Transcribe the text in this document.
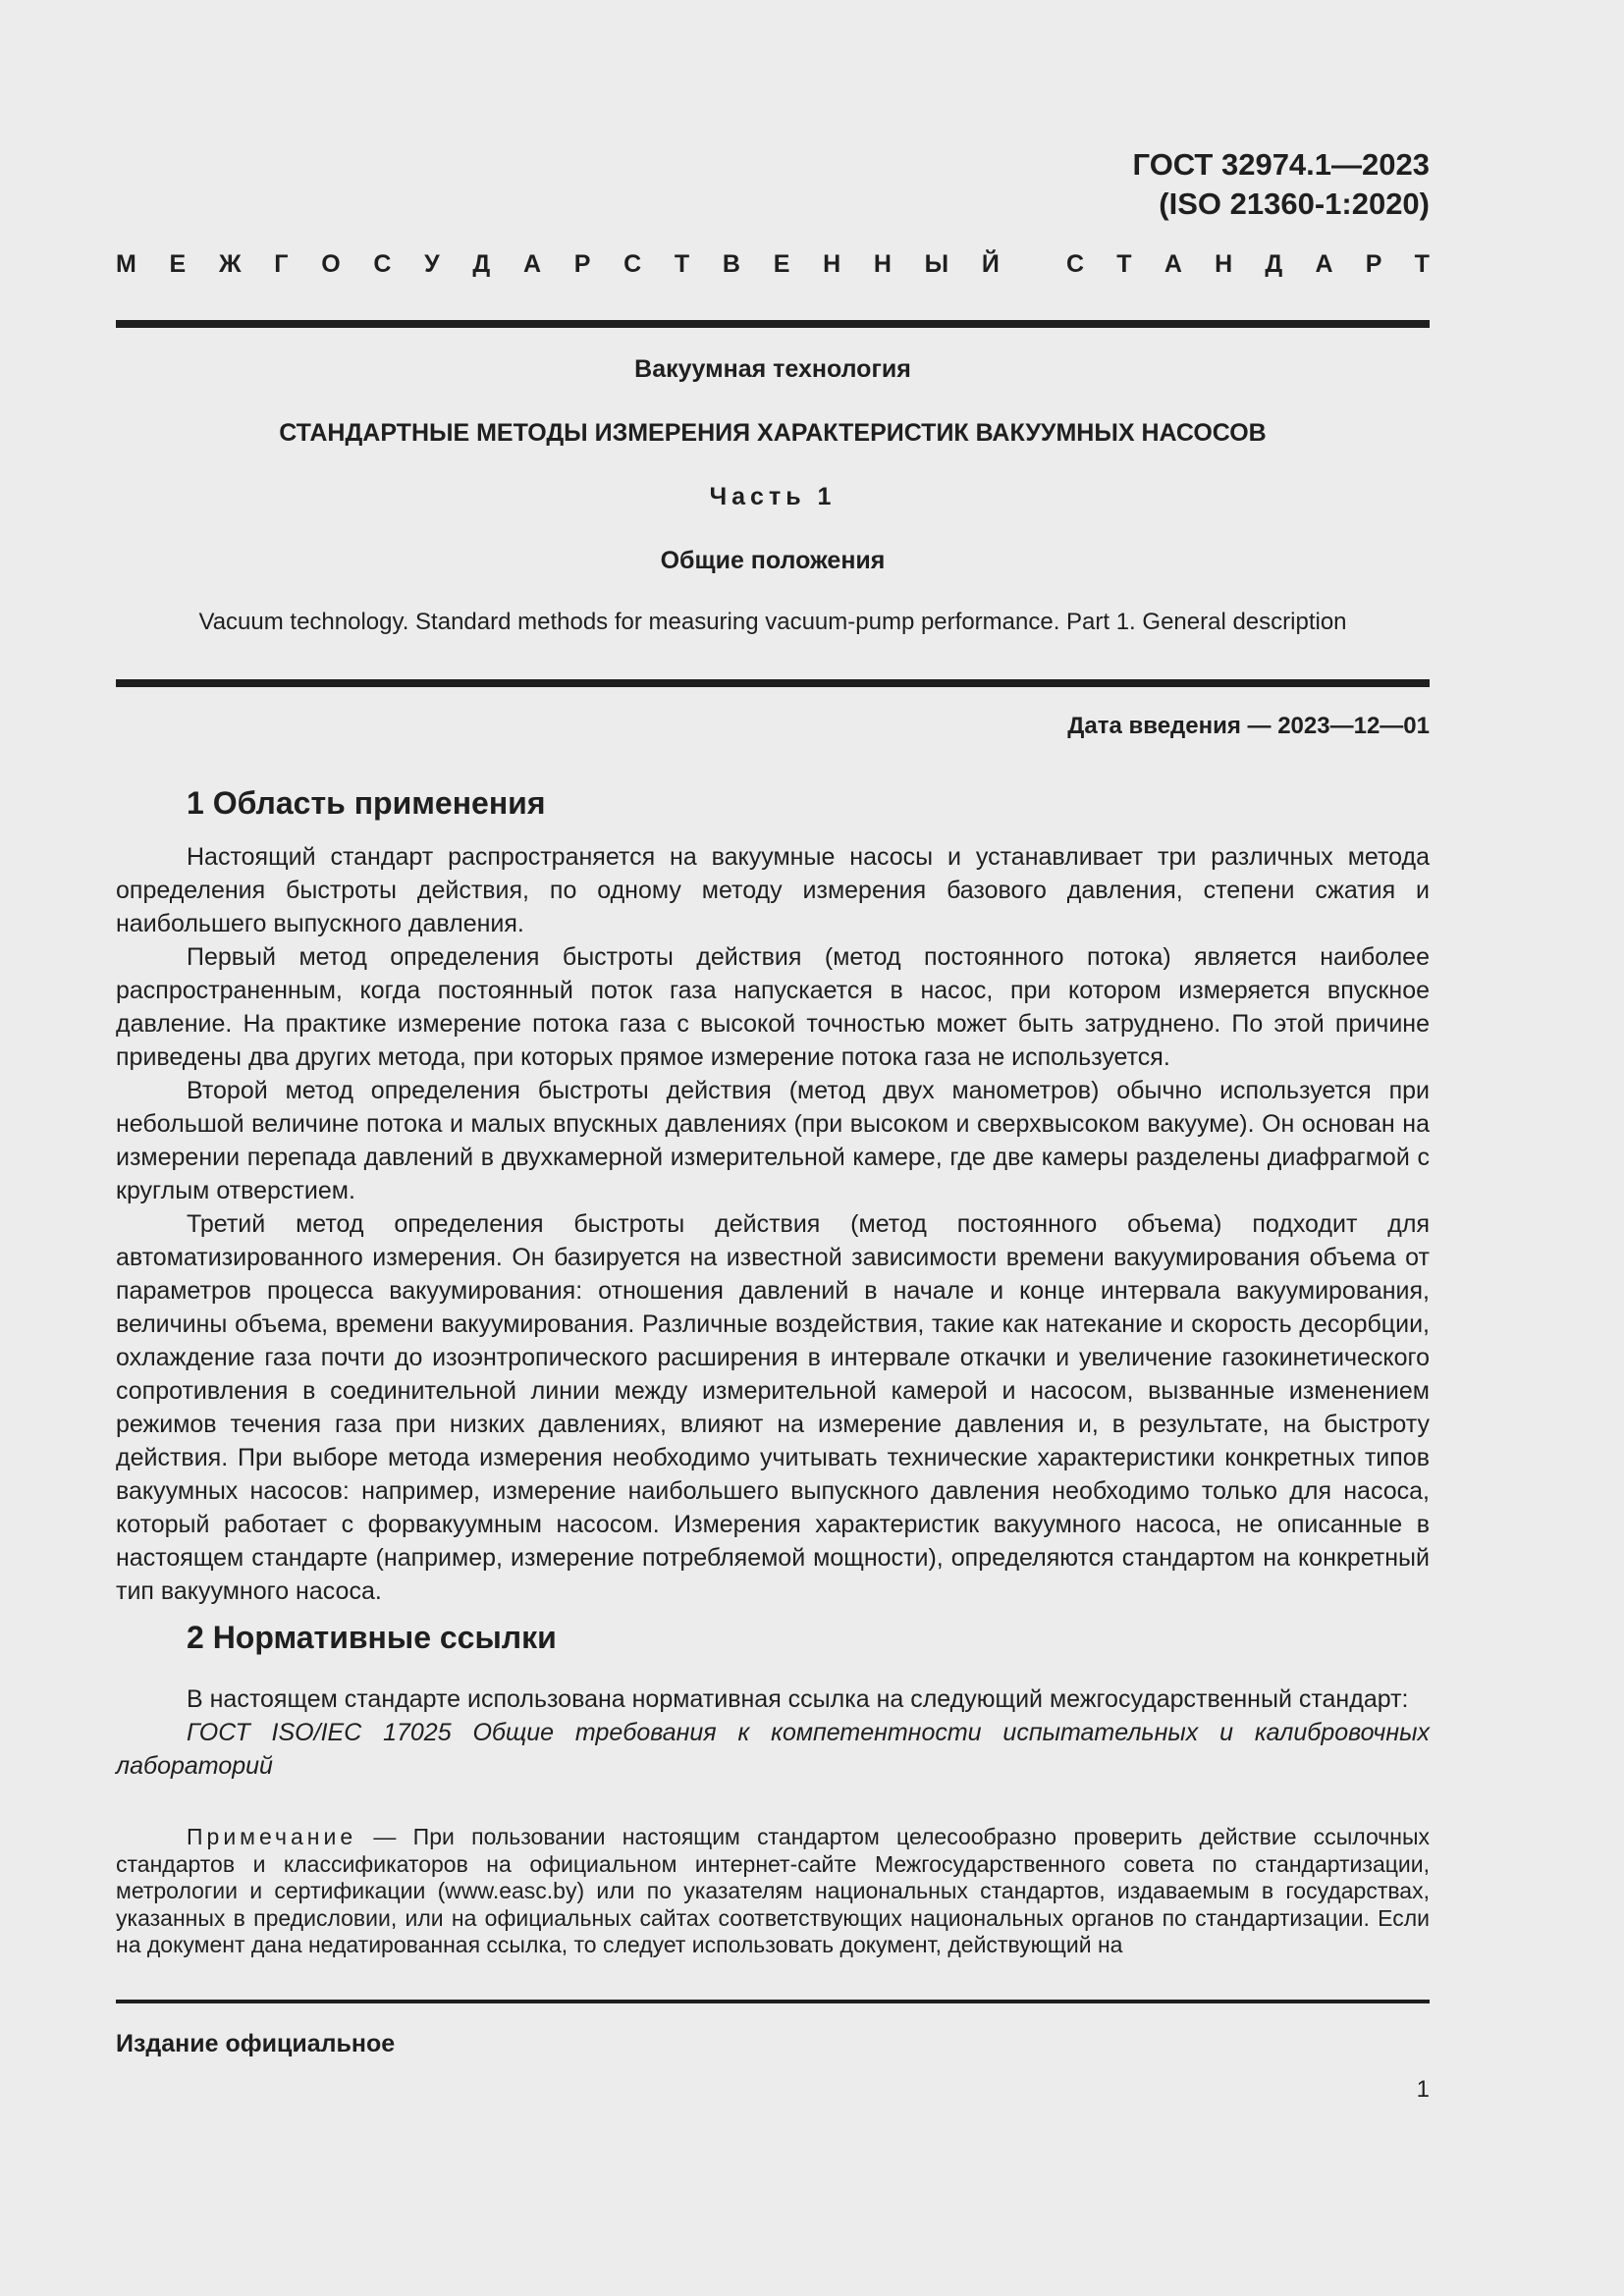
ГОСТ 32974.1—2023
(ISO 21360-1:2020)
М Е Ж Г О С У Д А Р С Т В Е Н Н Ы Й	С Т А Н Д А Р Т
Вакуумная технология
СТАНДАРТНЫЕ МЕТОДЫ ИЗМЕРЕНИЯ ХАРАКТЕРИСТИК ВАКУУМНЫХ НАСОСОВ
Часть 1
Общие положения
Vacuum technology. Standard methods for measuring vacuum-pump performance. Part 1. General description
Дата введения — 2023—12—01
1 Область применения

Настоящий стандарт распространяется на вакуумные насосы и устанавливает три различных метода определения быстроты действия, по одному методу измерения базового давления, степени сжатия и наибольшего выпускного давления.

Первый метод определения быстроты действия (метод постоянного потока) является наиболее распространенным, когда постоянный поток газа напускается в насос, при котором измеряется впускное давление. На практике измерение потока газа с высокой точностью может быть затруднено. По этой причине приведены два других метода, при которых прямое измерение потока газа не используется.

Второй метод определения быстроты действия (метод двух манометров) обычно используется при небольшой величине потока и малых впускных давлениях (при высоком и сверхвысоком вакууме). Он основан на измерении перепада давлений в двухкамерной измерительной камере, где две камеры разделены диафрагмой с круглым отверстием.

Третий метод определения быстроты действия (метод постоянного объема) подходит для автоматизированного измерения. Он базируется на известной зависимости времени вакуумирования объема от параметров процесса вакуумирования: отношения давлений в начале и конце интервала вакуумирования, величины объема, времени вакуумирования. Различные воздействия, такие как натекание и скорость десорбции, охлаждение газа почти до изоэнтропического расширения в интервале откачки и увеличение газокинетического сопротивления в соединительной линии между измерительной камерой и насосом, вызванные изменением режимов течения газа при низких давлениях, влияют на измерение давления и, в результате, на быстроту действия. При выборе метода измерения необходимо учитывать технические характеристики конкретных типов вакуумных насосов: например, измерение наибольшего выпускного давления необходимо только для насоса, который работает с форвакуумным насосом. Измерения характеристик вакуумного насоса, не описанные в настоящем стандарте (например, измерение потребляемой мощности), определяются стандартом на конкретный тип вакуумного насоса.

2 Нормативные ссылки

В настоящем стандарте использована нормативная ссылка на следующий межгосударственный стандарт:

ГОСТ ISO/IEC 17025 Общие требования к компетентности испытательных и калибровочных лабораторий

Примечание — При пользовании настоящим стандартом целесообразно проверить действие ссылочных стандартов и классификаторов на официальном интернет-сайте Межгосударственного совета по стандартизации, метрологии и сертификации (www.easc.by) или по указателям национальных стандартов, издаваемым в государствах, указанных в предисловии, или на официальных сайтах соответствующих национальных органов по стандартизации. Если на документ дана недатированная ссылка, то следует использовать документ, действующий на

Издание официальное
1
